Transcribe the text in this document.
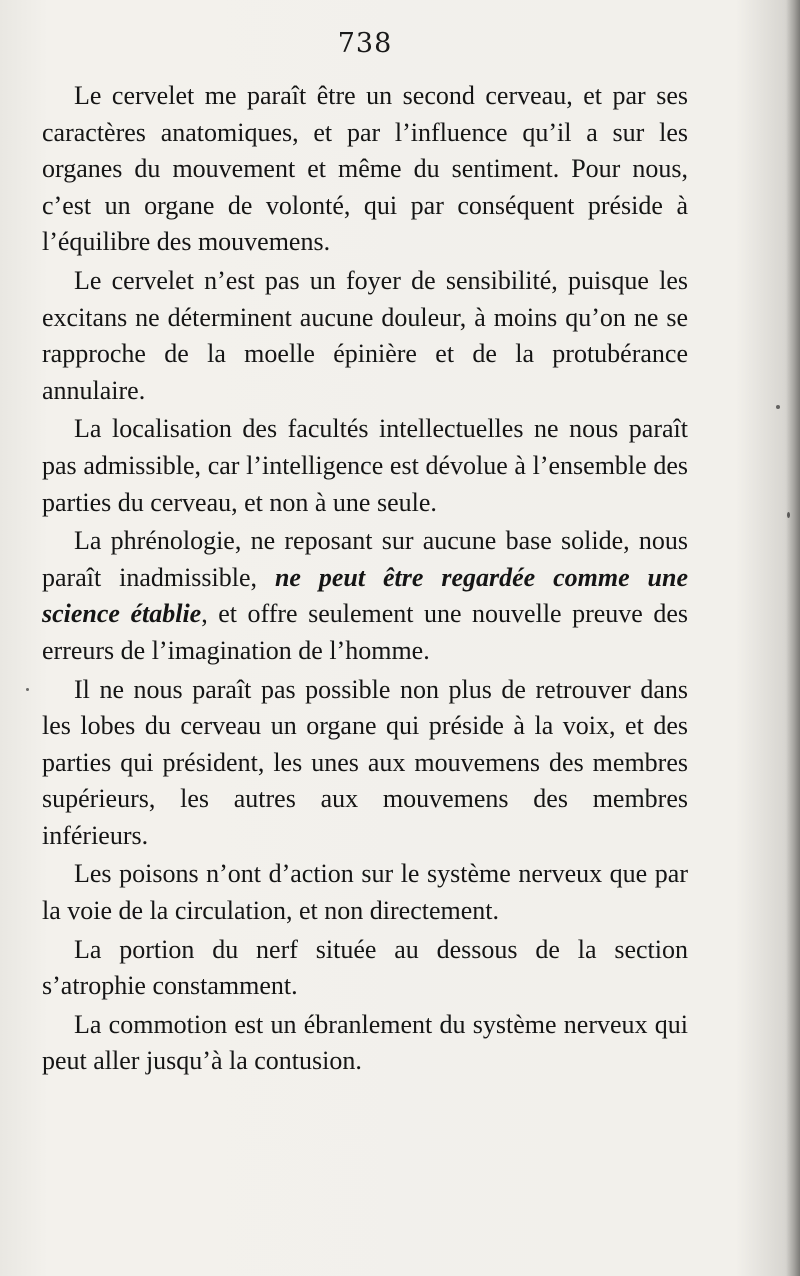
738

Le cervelet me paraît être un second cerveau, et par ses caractères anatomiques, et par l’influence qu’il a sur les organes du mouvement et même du sentiment. Pour nous, c’est un organe de volonté, qui par conséquent préside à l’équilibre des mouvemens.

Le cervelet n’est pas un foyer de sensibilité, puisque les excitans ne déterminent aucune douleur, à moins qu’on ne se rapproche de la moelle épinière et de la protubérance annulaire.

La localisation des facultés intellectuelles ne nous paraît pas admissible, car l’intelligence est dévolue à l’ensemble des parties du cerveau, et non à une seule.

La phrénologie, ne reposant sur aucune base solide, nous paraît inadmissible, ne peut être regardée comme une science établie, et offre seulement une nouvelle preuve des erreurs de l’imagination de l’homme.

Il ne nous paraît pas possible non plus de retrouver dans les lobes du cerveau un organe qui préside à la voix, et des parties qui président, les unes aux mouvemens des membres supérieurs, les autres aux mouvemens des membres inférieurs.

Les poisons n’ont d’action sur le système nerveux que par la voie de la circulation, et non directement.

La portion du nerf située au dessous de la section s’atrophie constamment.

La commotion est un ébranlement du système nerveux qui peut aller jusqu’à la contusion.
